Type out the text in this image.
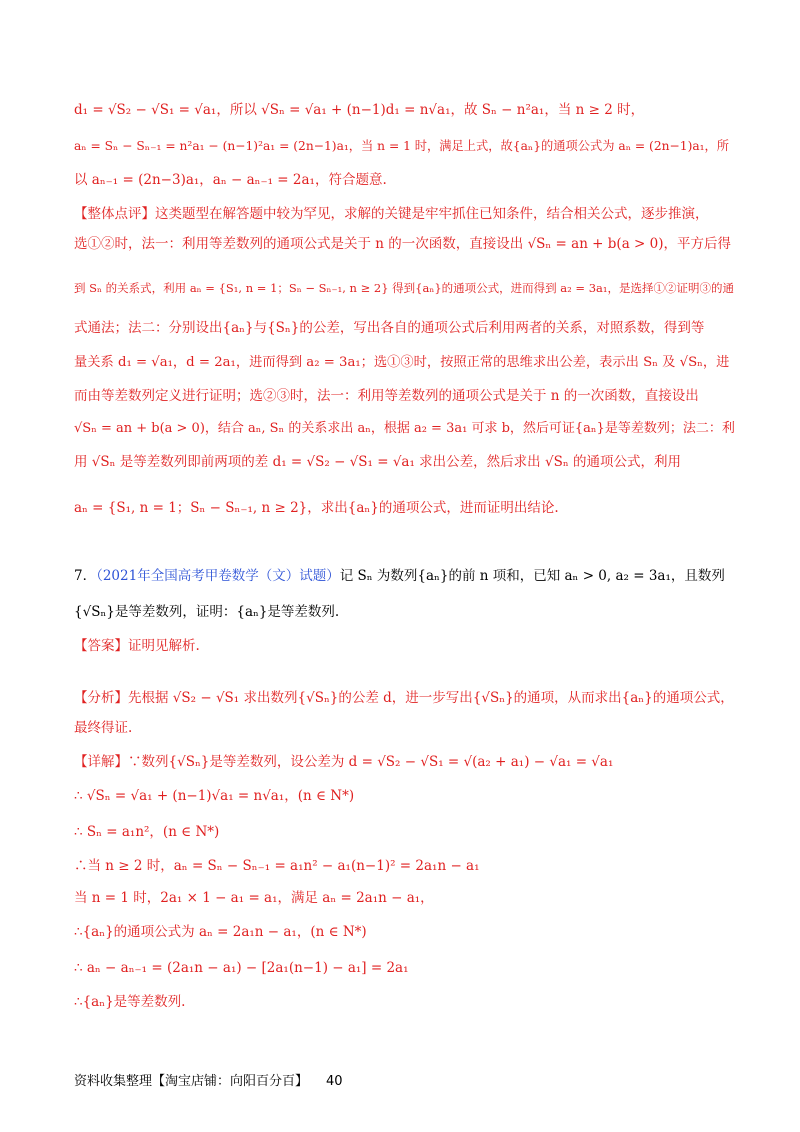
d₁ = √S₂ − √S₁ = √a₁，所以 √Sₙ = √a₁ + (n−1)d₁ = n√a₁，故 Sₙ − n²a₁，当 n ≥ 2 时，
aₙ = Sₙ − Sₙ₋₁ = n²a₁ − (n−1)²a₁ = (2n−1)a₁，当 n = 1 时，满足上式，故{aₙ}的通项公式为 aₙ = (2n−1)a₁，所
以 aₙ₋₁ = (2n−3)a₁，aₙ − aₙ₋₁ = 2a₁，符合题意.
【整体点评】这类题型在解答题中较为罕见，求解的关键是牢牢抓住已知条件，结合相关公式，逐步推演，
选①②时，法一：利用等差数列的通项公式是关于 n 的一次函数，直接设出 √Sₙ = an + b(a > 0)，平方后得
到 Sₙ 的关系式，利用 aₙ = {S₁, n = 1；Sₙ − Sₙ₋₁, n ≥ 2} 得到{aₙ}的通项公式，进而得到 a₂ = 3a₁，是选择①②证明③的通
式通法；法二：分别设出{aₙ}与{Sₙ}的公差，写出各自的通项公式后利用两者的关系，对照系数，得到等
量关系 d₁ = √a₁，d = 2a₁，进而得到 a₂ = 3a₁；选①③时，按照正常的思维求出公差，表示出 Sₙ 及 √Sₙ，进
而由等差数列定义进行证明；选②③时，法一：利用等差数列的通项公式是关于 n 的一次函数，直接设出
√Sₙ = an + b(a > 0)，结合 aₙ, Sₙ 的关系求出 aₙ，根据 a₂ = 3a₁ 可求 b，然后可证{aₙ}是等差数列；法二：利
用 √Sₙ 是等差数列即前两项的差 d₁ = √S₂ − √S₁ = √a₁ 求出公差，然后求出 √Sₙ 的通项公式，利用
aₙ = {S₁, n = 1；Sₙ − Sₙ₋₁, n ≥ 2}，求出{aₙ}的通项公式，进而证明出结论.
7．（2021年全国高考甲卷数学（文）试题）记 Sₙ 为数列{aₙ}的前 n 项和，已知 aₙ > 0, a₂ = 3a₁，且数列
{√Sₙ}是等差数列，证明：{aₙ}是等差数列.
【答案】证明见解析.
【分析】先根据 √S₂ − √S₁ 求出数列{√Sₙ}的公差 d，进一步写出{√Sₙ}的通项，从而求出{aₙ}的通项公式，
最终得证.
【详解】∵数列{√Sₙ}是等差数列，设公差为 d = √S₂ − √S₁ = √(a₂ + a₁) − √a₁ = √a₁
∴ √Sₙ = √a₁ + (n−1)√a₁ = n√a₁，(n ∈ N*)
∴ Sₙ = a₁n²，(n ∈ N*)
∴当 n ≥ 2 时，aₙ = Sₙ − Sₙ₋₁ = a₁n² − a₁(n−1)² = 2a₁n − a₁
当 n = 1 时，2a₁ × 1 − a₁ = a₁，满足 aₙ = 2a₁n − a₁，
∴{aₙ}的通项公式为 aₙ = 2a₁n − a₁，(n ∈ N*)
∴ aₙ − aₙ₋₁ = (2a₁n − a₁) − [2a₁(n−1) − a₁] = 2a₁
∴{aₙ}是等差数列.
资料收集整理【淘宝店铺：向阳百分百】 40
